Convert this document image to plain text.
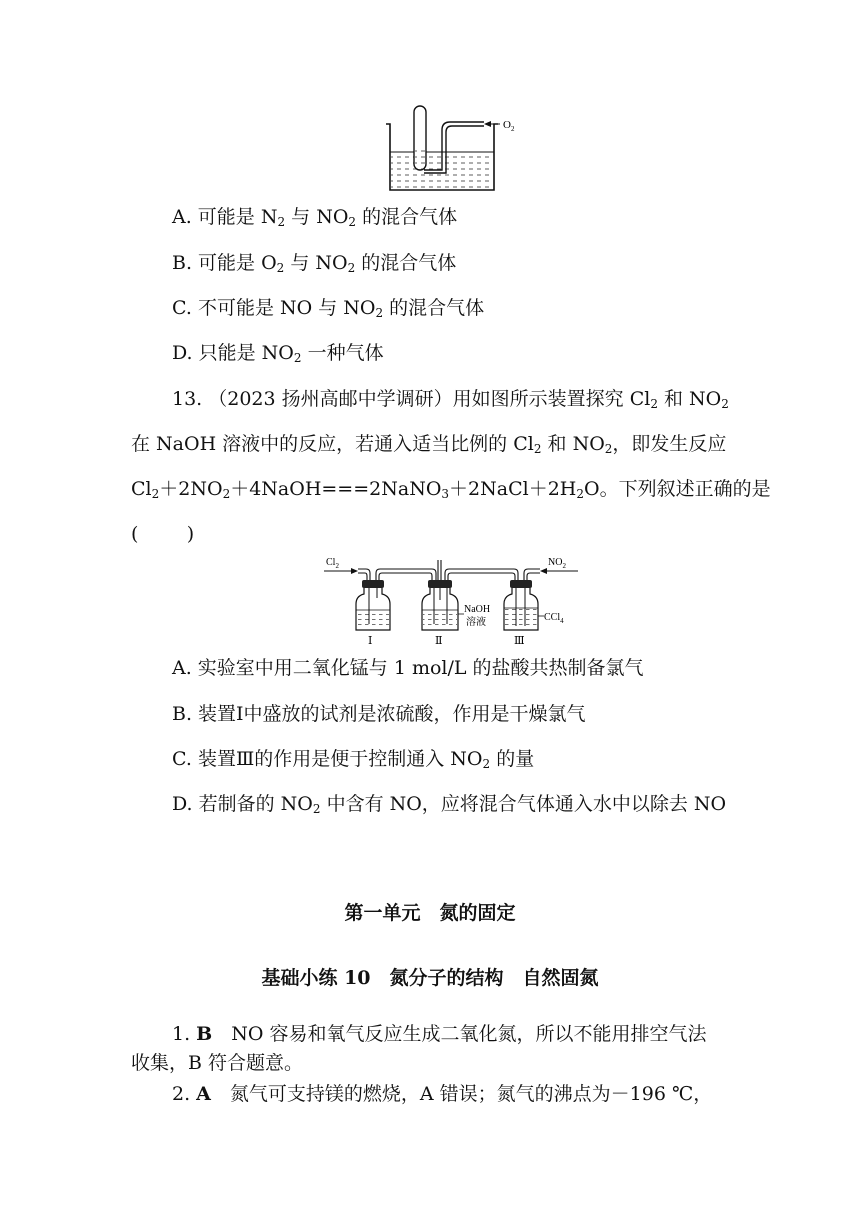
$O_2$
A. 可能是 $N_2$ 与 $NO_2$ 的混合气体
B. 可能是 $O_2$ 与 $NO_2$ 的混合气体
C. 不可能是 NO 与 $NO_2$ 的混合气体
D. 只能是 $NO_2$ 一种气体
13. （2023 扬州高邮中学调研）用如图所示装置探究 $Cl_2$ 和 $NO_2$
在 NaOH 溶液中的反应，若通入适当比例的 $Cl_2$ 和 $NO_2$，即发生反应
$Cl_2+2NO_2+4NaOH===2NaNO_3+2NaCl+2H_2O$。下列叙述正确的是
(        )
$Cl_2$	$NO_2$
Ⅰ
NaOH
溶液
Ⅱ
CCl$_4$
Ⅲ
A. 实验室中用二氧化锰与 1 mol/L 的盐酸共热制备氯气
B. 装置Ⅰ中盛放的试剂是浓硫酸，作用是干燥氯气
C. 装置Ⅲ的作用是便于控制通入 $NO_2$ 的量
D. 若制备的 $NO_2$ 中含有 NO，应将混合气体通入水中以除去 NO
第一单元　氮的固定
基础小练 10　氮分子的结构　自然固氮
1. B　NO 容易和氧气反应生成二氧化氮，所以不能用排空气法
收集，B 符合题意。
2. A　氮气可支持镁的燃烧，A 错误；氮气的沸点为－196 ℃，
